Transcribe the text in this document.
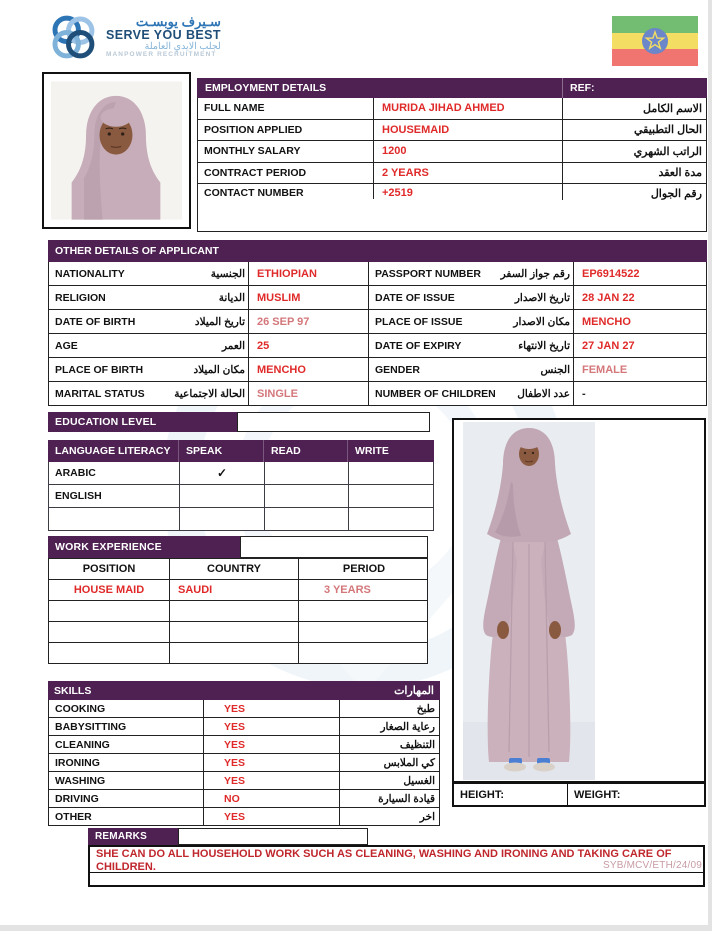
سـيرف يوبسـت
SERVE YOU BEST
لجلب الايدي العاملة
MANPOWER RECRUITMENT
EMPLOYMENT DETAILS	REF:
FULL NAME	MURIDA JIHAD AHMED	الاسم الكامل
POSITION APPLIED	HOUSEMAID	الحال التطبيقي
MONTHLY SALARY	1200	الراتب الشهري
CONTRACT PERIOD	2 YEARS	مدة العقد
CONTACT NUMBER	+2519	رقم الجوال
OTHER DETAILS OF APPLICANT
NATIONALITY	الجنسية	ETHIOPIAN	PASSPORT NUMBER رقم جواز السفر	EP6914522
RELIGION	الديانة	MUSLIM	DATE OF ISSUE	تاريخ الاصدار	28 JAN 22
DATE OF BIRTH	تاريخ الميلاد	26 SEP 97	PLACE OF ISSUE	مكان الاصدار	MENCHO
AGE	العمر	25	DATE OF EXPIRY	تاريخ الانتهاء	27 JAN 27
PLACE OF BIRTH	مكان الميلاد	MENCHO	GENDER	الجنس	FEMALE
MARITAL STATUS	الحالة الاجتماعية	SINGLE	NUMBER OF CHILDREN عدد الاطفال	-
EDUCATION LEVEL
LANGUAGE LITERACY	SPEAK	READ	WRITE
ARABIC	✓
ENGLISH
WORK EXPERIENCE
POSITION	COUNTRY	PERIOD
HOUSE MAID	SAUDI	3 YEARS
SKILLS	المهارات
COOKING	YES	طبخ
BABYSITTING	YES	رعاية الصغار
CLEANING	YES	التنظيف
IRONING	YES	كي الملابس
WASHING	YES	الغسيل
DRIVING	NO	قيادة السيارة
OTHER	YES	اخر
HEIGHT:	WEIGHT:
REMARKS
SHE CAN DO ALL HOUSEHOLD WORK SUCH AS CLEANING, WASHING AND IRONING AND TAKING CARE OF CHILDREN.	SYB/MCV/ETH/24/09
